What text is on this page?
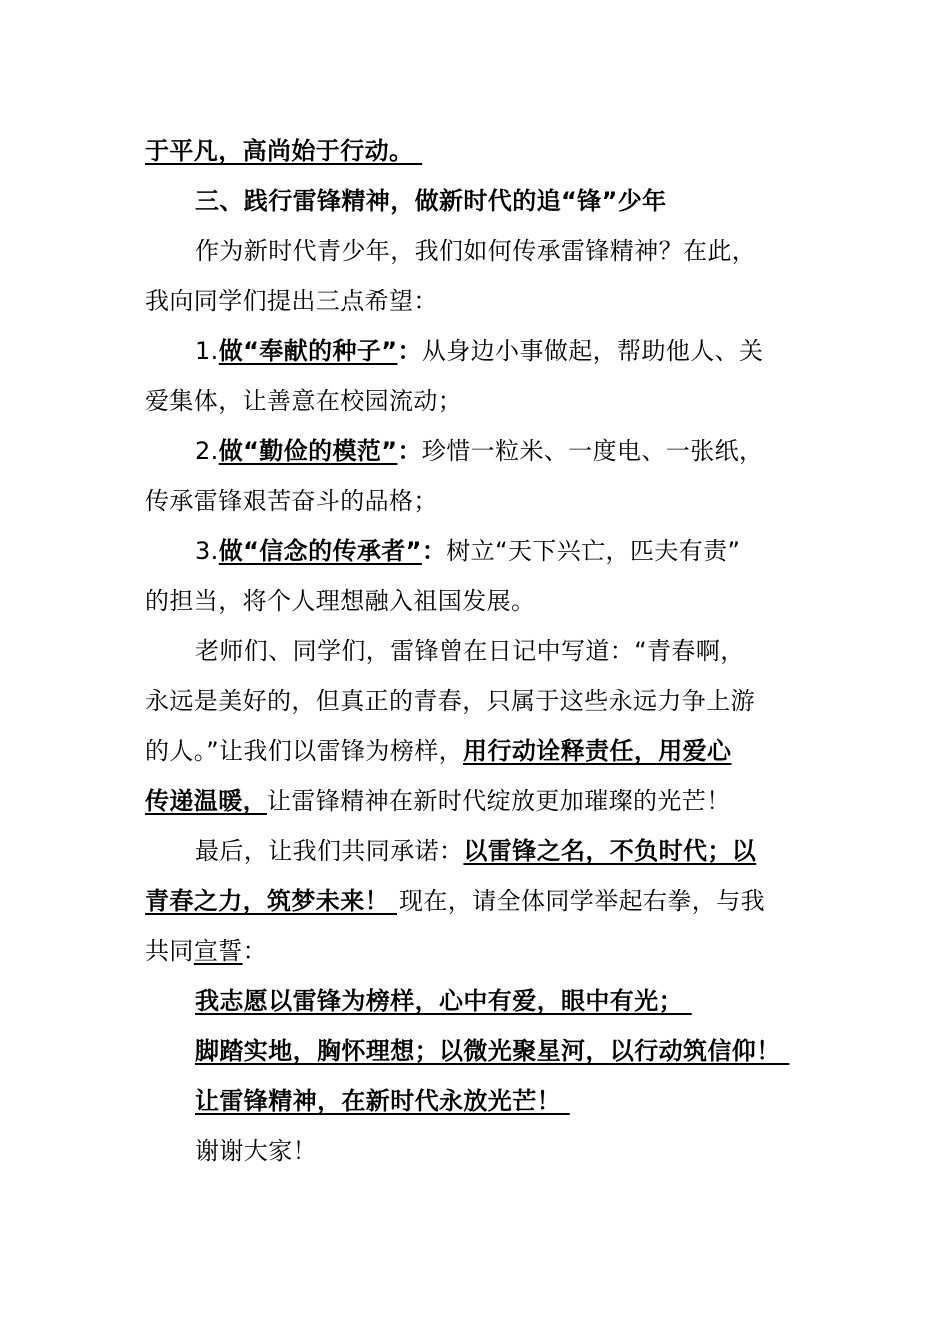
于平凡，高尚始于行动。
三、践行雷锋精神，做新时代的追“锋”少年
作为新时代青少年，我们如何传承雷锋精神？在此，
我向同学们提出三点希望：
1.做“奉献的种子”：从身边小事做起，帮助他人、关
爱集体，让善意在校园流动；
2.做“勤俭的模范”：珍惜一粒米、一度电、一张纸，
传承雷锋艰苦奋斗的品格；
3.做“信念的传承者”：树立“天下兴亡，匹夫有责”
的担当，将个人理想融入祖国发展。
老师们、同学们，雷锋曾在日记中写道：“青春啊，
永远是美好的，但真正的青春，只属于这些永远力争上游
的人。”让我们以雷锋为榜样，用行动诠释责任，用爱心
传递温暖，让雷锋精神在新时代绽放更加璀璨的光芒！
最后，让我们共同承诺：以雷锋之名，不负时代；以
青春之力，筑梦未来！ 现在，请全体同学举起右拳，与我
共同宣誓：
我志愿以雷锋为榜样，心中有爱，眼中有光；
脚踏实地，胸怀理想；以微光聚星河，以行动筑信仰！
让雷锋精神，在新时代永放光芒！
谢谢大家！
